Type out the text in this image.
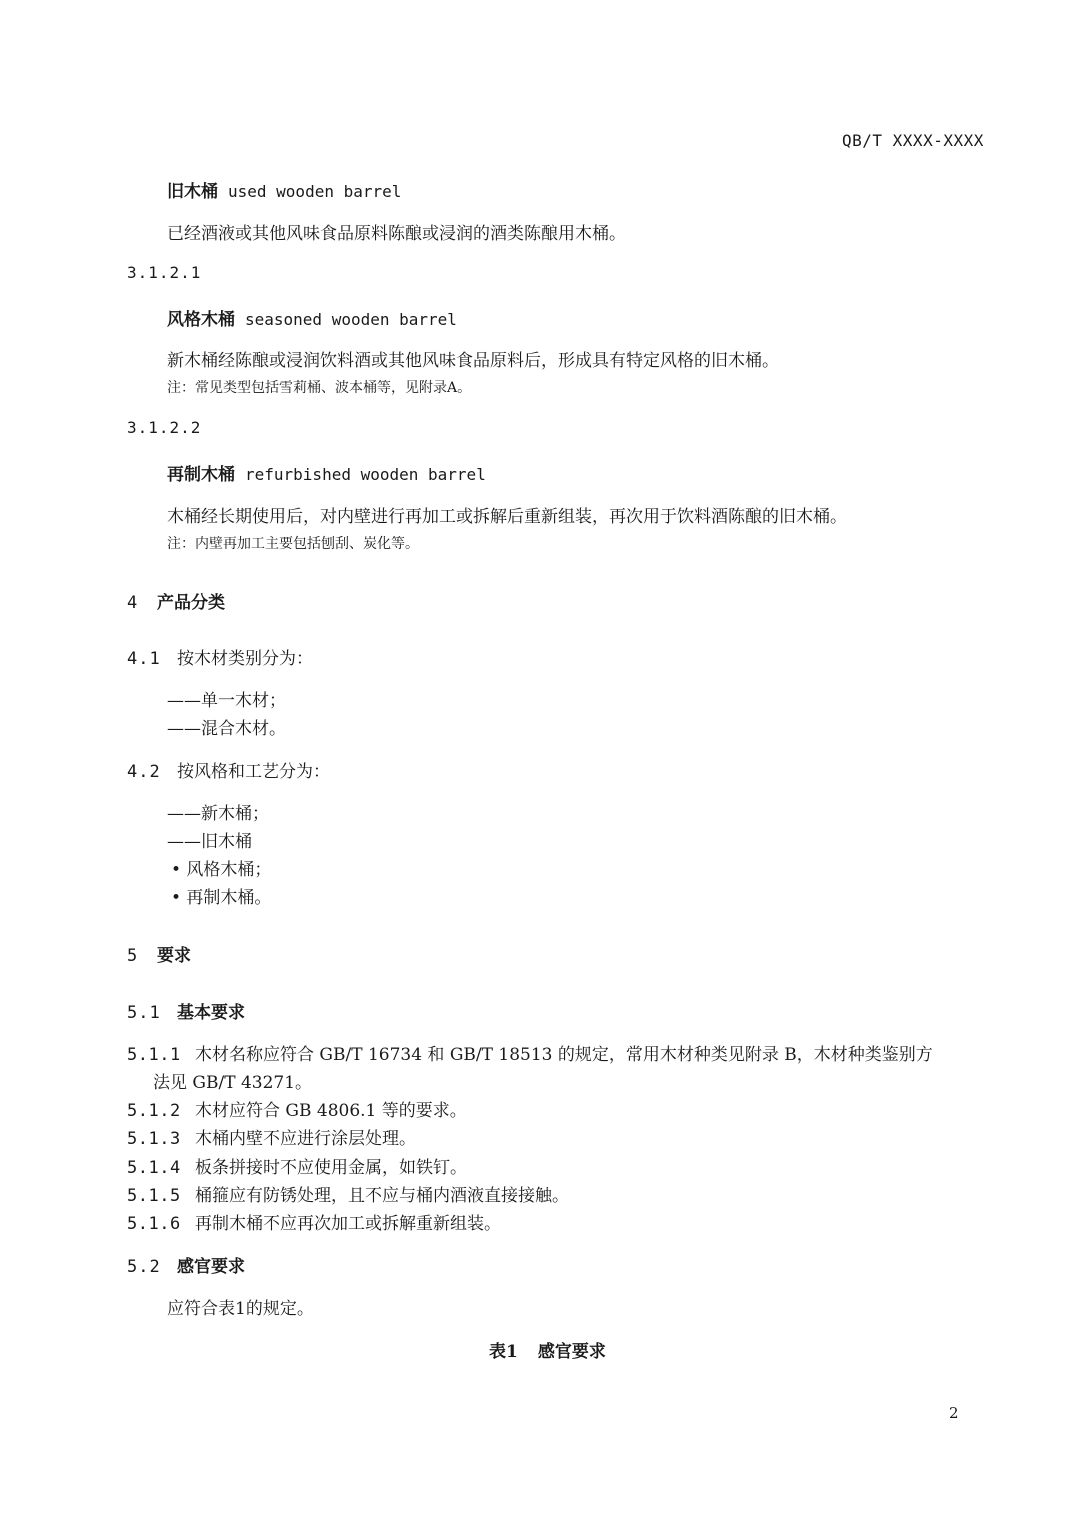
QB/T XXXX-XXXX
旧木桶 used wooden barrel
已经酒液或其他风味食品原料陈酿或浸润的酒类陈酿用木桶。
3.1.2.1
风格木桶 seasoned wooden barrel
新木桶经陈酿或浸润饮料酒或其他风味食品原料后，形成具有特定风格的旧木桶。
注：常见类型包括雪莉桶、波本桶等，见附录A。
3.1.2.2
再制木桶 refurbished wooden barrel
木桶经长期使用后，对内壁进行再加工或拆解后重新组装，再次用于饮料酒陈酿的旧木桶。
注：内壁再加工主要包括刨刮、炭化等。
4 产品分类
4.1 按木材类别分为：
——单一木材；
——混合木材。
4.2 按风格和工艺分为：
——新木桶；
——旧木桶
• 风格木桶；
• 再制木桶。
5 要求
5.1 基本要求
5.1.1 木材名称应符合 GB/T 16734 和 GB/T 18513 的规定，常用木材种类见附录 B，木材种类鉴别方
法见 GB/T 43271。
5.1.2 木材应符合 GB 4806.1 等的要求。
5.1.3 木桶内壁不应进行涂层处理。
5.1.4 板条拼接时不应使用金属，如铁钉。
5.1.5 桶箍应有防锈处理，且不应与桶内酒液直接接触。
5.1.6 再制木桶不应再次加工或拆解重新组装。
5.2 感官要求
应符合表1的规定。
表1 感官要求
2
